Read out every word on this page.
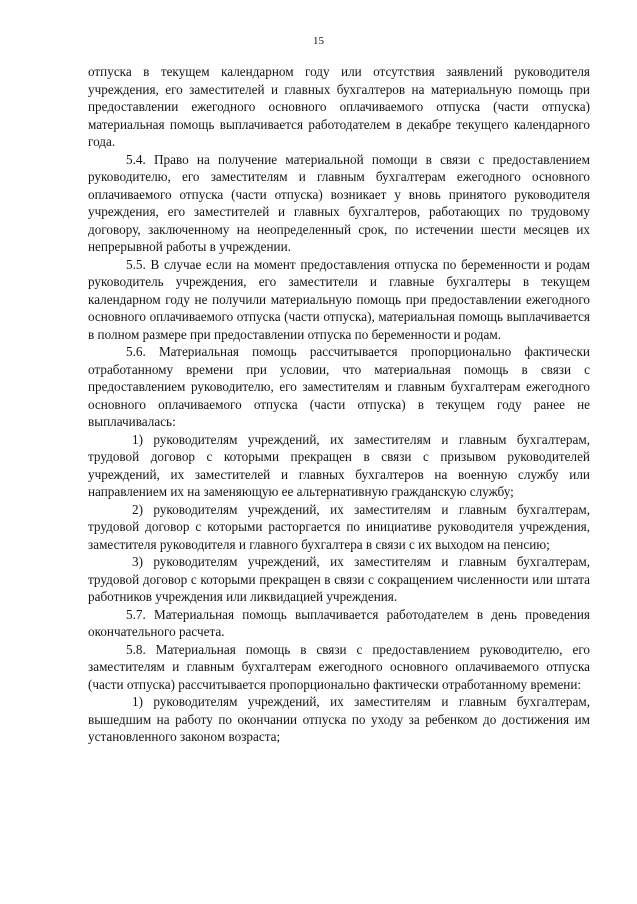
15

отпуска в текущем календарном году или отсутствия заявлений руководителя учреждения, его заместителей и главных бухгалтеров на материальную помощь при предоставлении ежегодного основного оплачиваемого отпуска (части отпуска) материальная помощь выплачивается работодателем в декабре текущего календарного года.

5.4. Право на получение материальной помощи в связи с предоставлением руководителю, его заместителям и главным бухгалтерам ежегодного основного оплачиваемого отпуска (части отпуска) возникает у вновь принятого руководителя учреждения, его заместителей и главных бухгалтеров, работающих по трудовому договору, заключенному на неопределенный срок, по истечении шести месяцев их непрерывной работы в учреждении.

5.5. В случае если на момент предоставления отпуска по беременности и родам руководитель учреждения, его заместители и главные бухгалтеры в текущем календарном году не получили материальную помощь при предоставлении ежегодного основного оплачиваемого отпуска (части отпуска), материальная помощь выплачивается в полном размере при предоставлении отпуска по беременности и родам.

5.6. Материальная помощь рассчитывается пропорционально фактически отработанному времени при условии, что материальная помощь в связи с предоставлением руководителю, его заместителям и главным бухгалтерам ежегодного основного оплачиваемого отпуска (части отпуска) в текущем году ранее не выплачивалась:

1) руководителям учреждений, их заместителям и главным бухгалтерам, трудовой договор с которыми прекращен в связи с призывом руководителей учреждений, их заместителей и главных бухгалтеров на военную службу или направлением их на заменяющую ее альтернативную гражданскую службу;

2) руководителям учреждений, их заместителям и главным бухгалтерам, трудовой договор с которыми расторгается по инициативе руководителя учреждения, заместителя руководителя и главного бухгалтера в связи с их выходом на пенсию;

3) руководителям учреждений, их заместителям и главным бухгалтерам, трудовой договор с которыми прекращен в связи с сокращением численности или штата работников учреждения или ликвидацией учреждения.

5.7. Материальная помощь выплачивается работодателем в день проведения окончательного расчета.

5.8. Материальная помощь в связи с предоставлением руководителю, его заместителям и главным бухгалтерам ежегодного основного оплачиваемого отпуска (части отпуска) рассчитывается пропорционально фактически отработанному времени:

1) руководителям учреждений, их заместителям и главным бухгалтерам, вышедшим на работу по окончании отпуска по уходу за ребенком до достижения им установленного законом возраста;
